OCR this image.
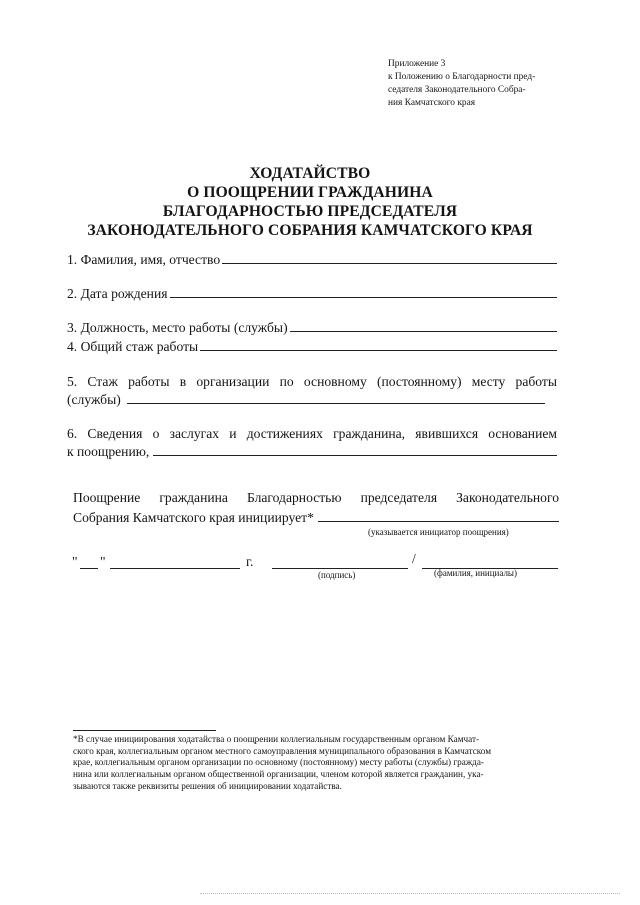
Приложение 3
к Положению о Благодарности пред-
седателя Законодательного Собра-
ния Камчатского края
ХОДАТАЙСТВО
О ПООЩРЕНИИ ГРАЖДАНИНА
БЛАГОДАРНОСТЬЮ ПРЕДСЕДАТЕЛЯ
ЗАКОНОДАТЕЛЬНОГО СОБРАНИЯ КАМЧАТСКОГО КРАЯ
1. Фамилия, имя, отчество
2. Дата рождения
3. Должность, место работы (службы)
4. Общий стаж работы
5. Стаж работы в организации по основному (постоянному) месту работы
(службы)
6. Сведения о заслугах и достижениях гражданина, явившихся основанием
к поощрению,
Поощрение гражданина Благодарностью председателя Законодательного
Собрания Камчатского края инициирует*
(указывается инициатор поощрения)
" "	г.	/
(подпись)	(фамилия, инициалы)
*В случае инициирования ходатайства о поощрении коллегиальным государственным органом Камчат-
ского края, коллегиальным органом местного самоуправления муниципального образования в Камчатском
крае, коллегиальным органом организации по основному (постоянному) месту работы (службы) гражда-
нина или коллегиальным органом общественной организации, членом которой является гражданин, ука-
зываются также реквизиты решения об инициировании ходатайства.
